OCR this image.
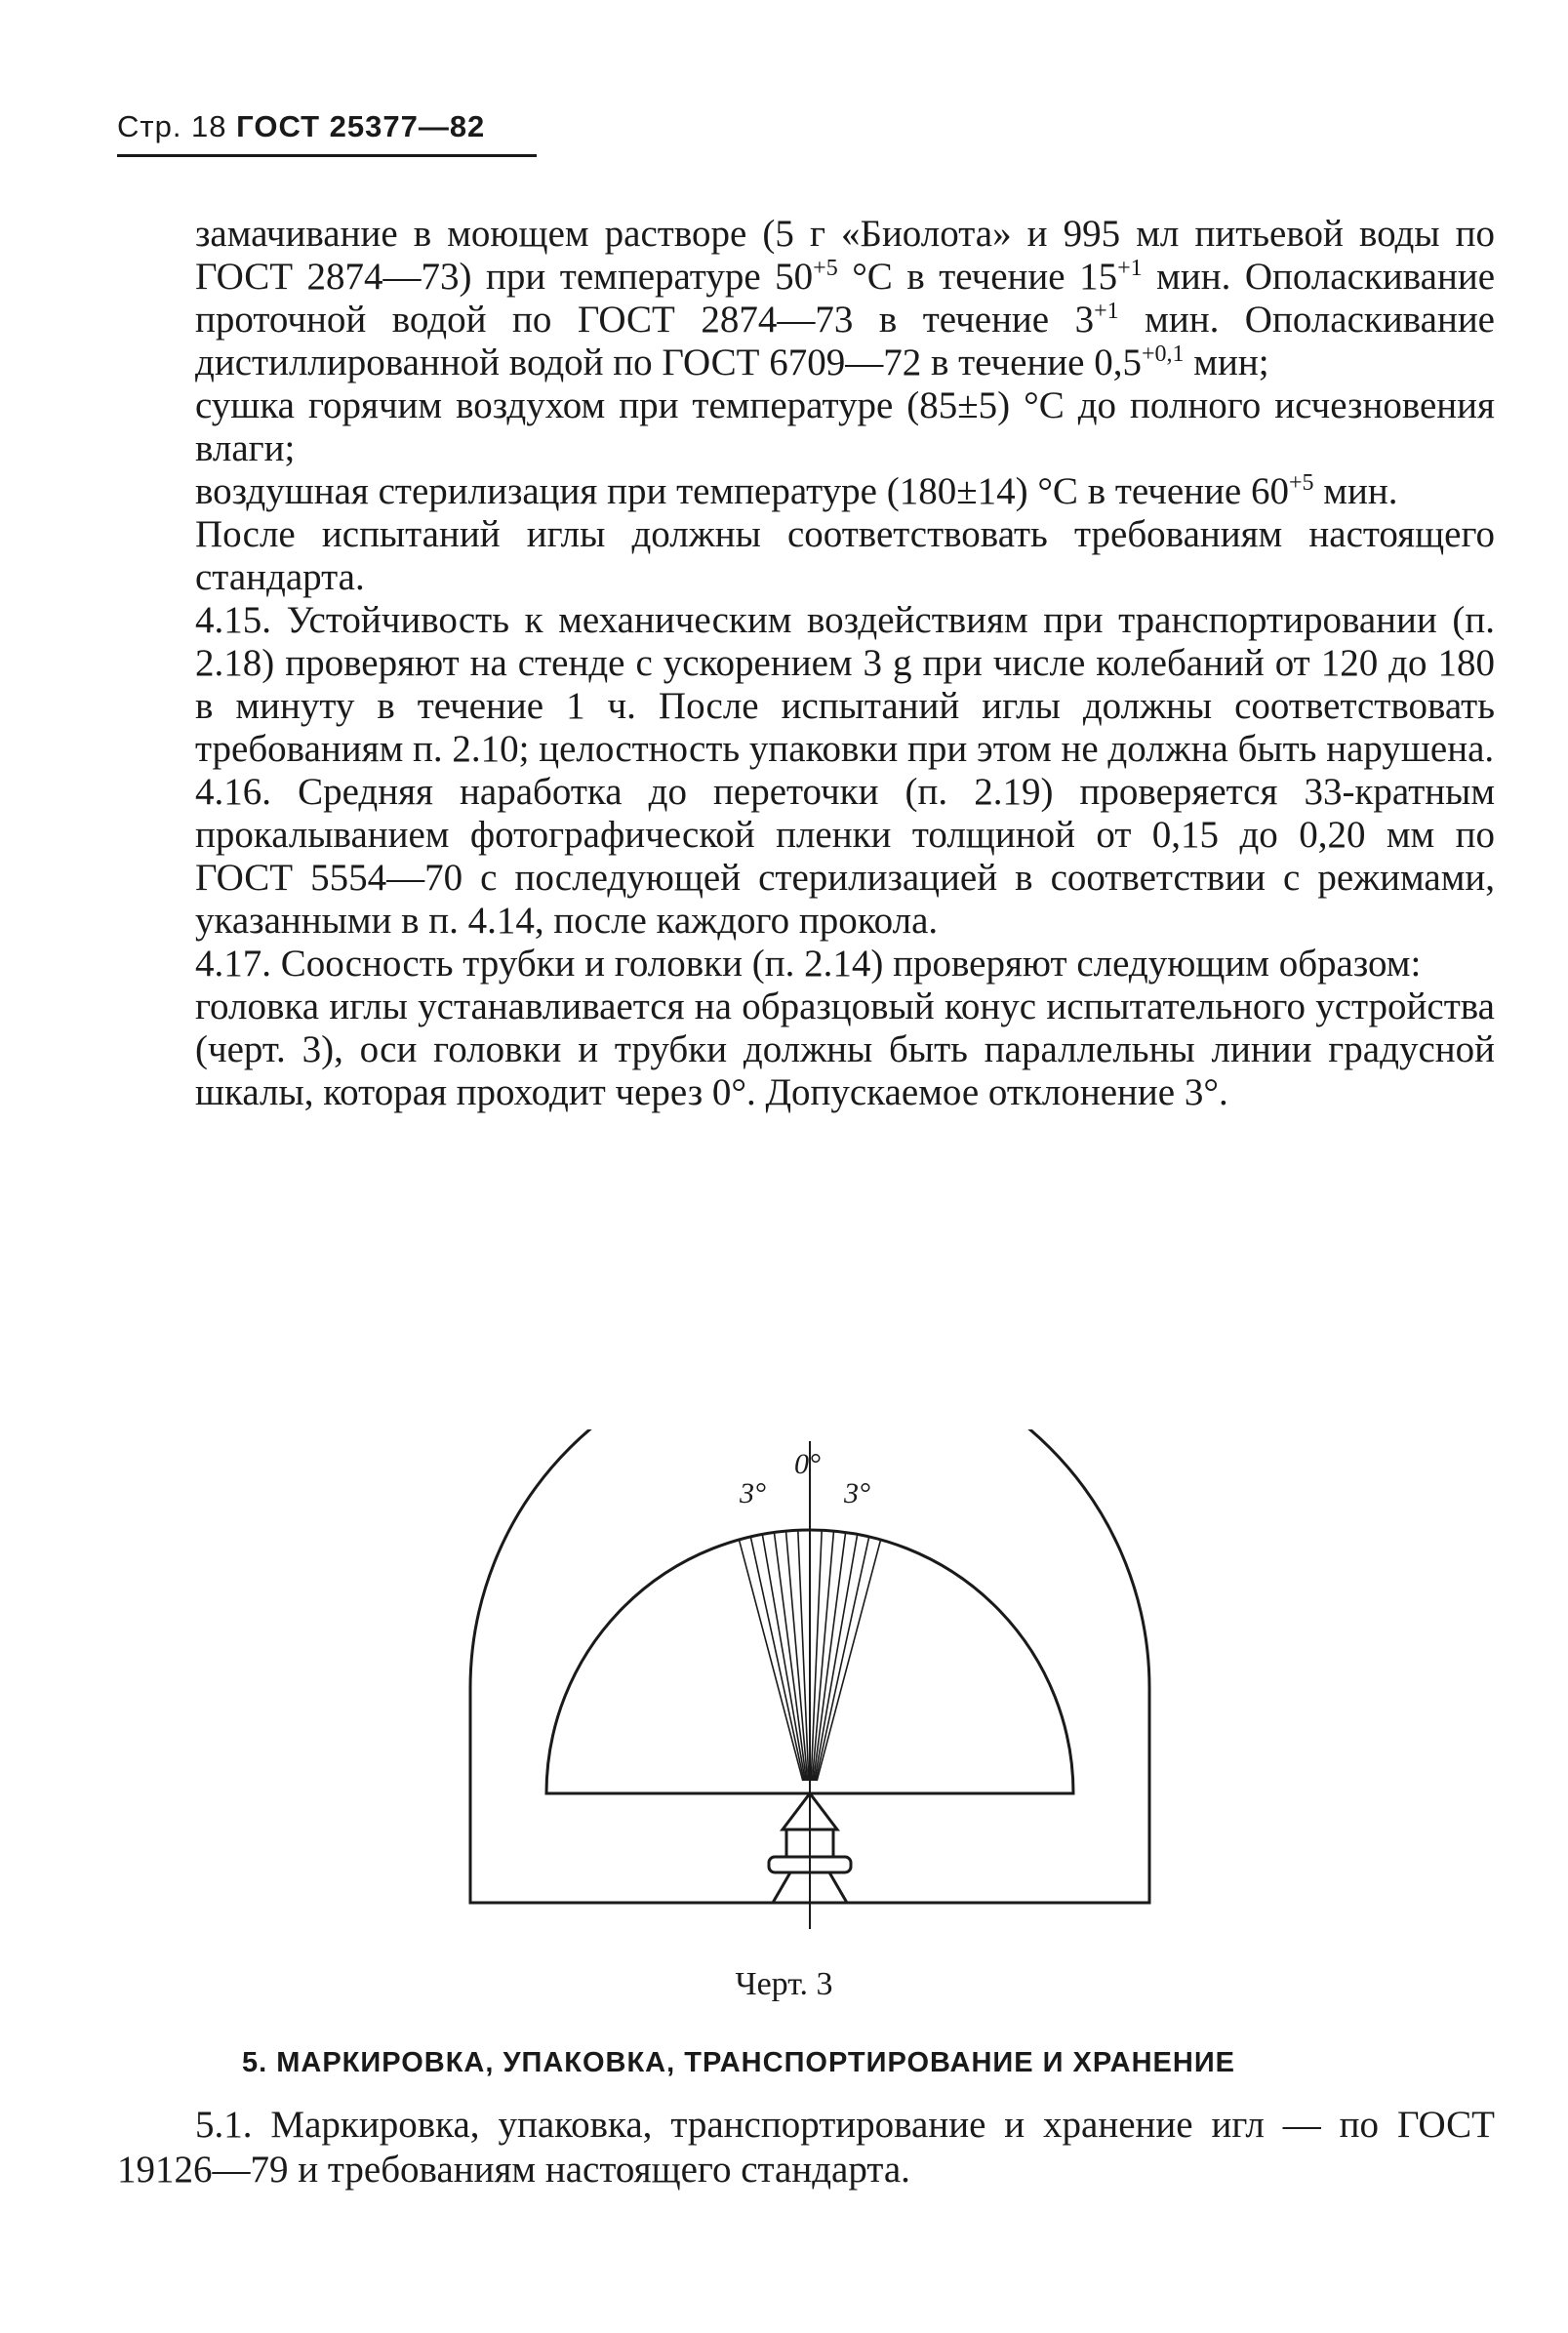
Стр. 18 ГОСТ 25377—82

замачивание в моющем растворе (5 г «Биолота» и 995 мл питьевой воды по ГОСТ 2874—73) при температуре $50^{+5}$ °С в течение $15^{+1}$ мин. Ополаскивание проточной водой по ГОСТ 2874—73 в течение $3^{+1}$ мин. Ополаскивание дистиллированной водой по ГОСТ 6709—72 в течение $0,5^{+0,1}$ мин;

сушка горячим воздухом при температуре (85±5) °С до полного исчезновения влаги;

воздушная стерилизация при температуре (180±14) °С в течение $60^{+5}$ мин.

После испытаний иглы должны соответствовать требованиям настоящего стандарта.

4.15. Устойчивость к механическим воздействиям при транспортировании (п. 2.18) проверяют на стенде с ускорением 3 g при числе колебаний от 120 до 180 в минуту в течение 1 ч. После испытаний иглы должны соответствовать требованиям п. 2.10; целостность упаковки при этом не должна быть нарушена.

4.16. Средняя наработка до переточки (п. 2.19) проверяется 33-кратным прокалыванием фотографической пленки толщиной от 0,15 до 0,20 мм по ГОСТ 5554—70 с последующей стерилизацией в соответствии с режимами, указанными в п. 4.14, после каждого прокола.

4.17. Соосность трубки и головки (п. 2.14) проверяют следующим образом:

головка иглы устанавливается на образцовый конус испытательного устройства (черт. 3), оси головки и трубки должны быть параллельны линии градусной шкалы, которая проходит через 0°. Допускаемое отклонение 3°.

3°
0°
3°
Черт. 3
5. МАРКИРОВКА, УПАКОВКА, ТРАНСПОРТИРОВАНИЕ И ХРАНЕНИЕ

5.1. Маркировка, упаковка, транспортирование и хранение игл — по ГОСТ 19126—79 и требованиям настоящего стандарта.
